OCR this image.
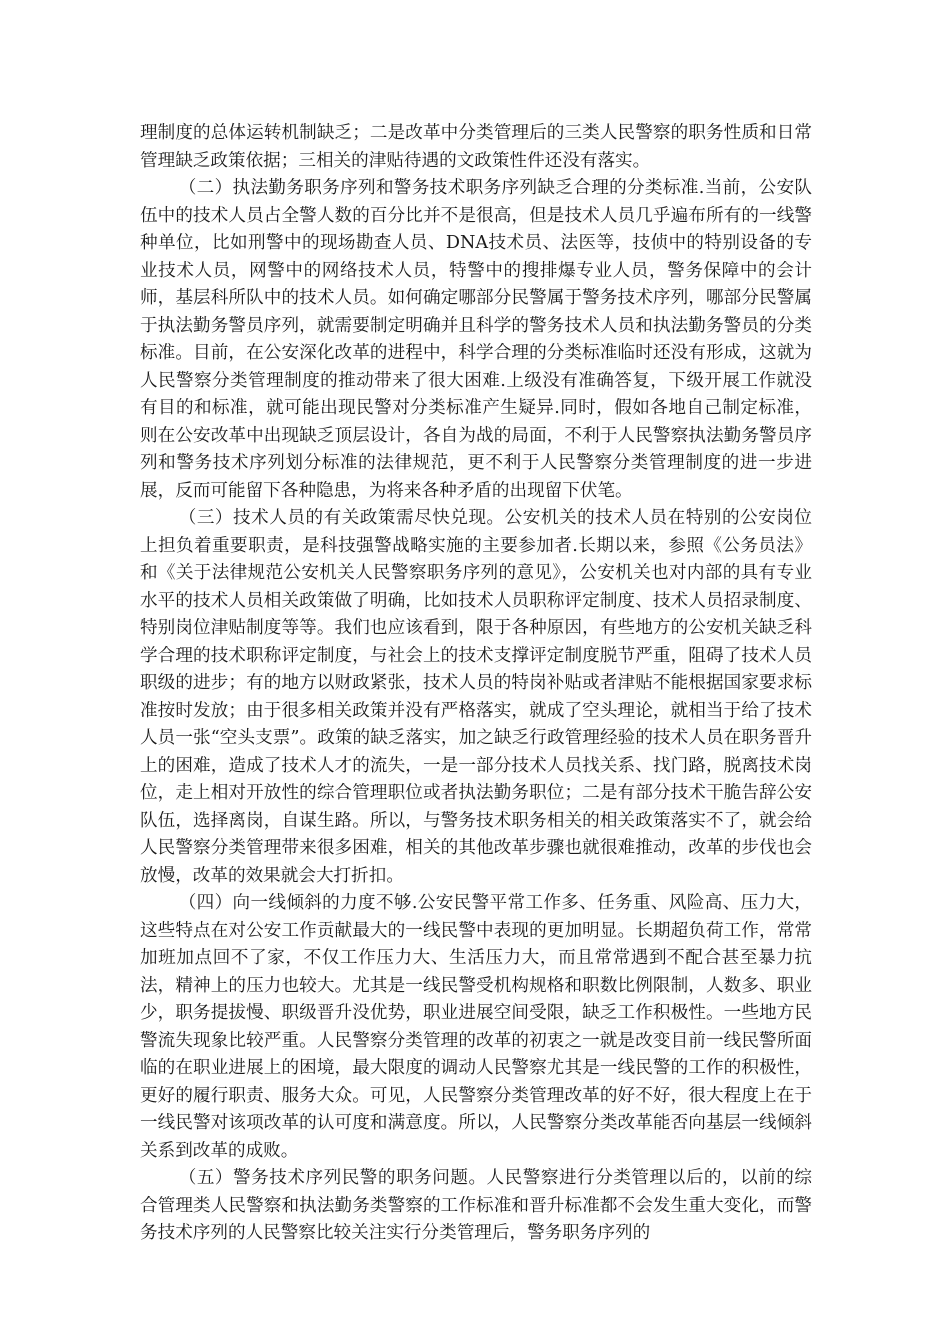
理制度的总体运转机制缺乏；二是改革中分类管理后的三类人民警察的职务性质和日常管理缺乏政策依据；三相关的津贴待遇的文政策性件还没有落实。

（二）执法勤务职务序列和警务技术职务序列缺乏合理的分类标准.当前，公安队伍中的技术人员占全警人数的百分比并不是很高，但是技术人员几乎遍布所有的一线警种单位，比如刑警中的现场勘查人员、DNA技术员、法医等，技侦中的特别设备的专业技术人员，网警中的网络技术人员，特警中的搜排爆专业人员，警务保障中的会计师，基层科所队中的技术人员。如何确定哪部分民警属于警务技术序列，哪部分民警属于执法勤务警员序列，就需要制定明确并且科学的警务技术人员和执法勤务警员的分类标准。目前，在公安深化改革的进程中，科学合理的分类标准临时还没有形成，这就为人民警察分类管理制度的推动带来了很大困难.上级没有准确答复，下级开展工作就没有目的和标准，就可能出现民警对分类标准产生疑异.同时，假如各地自己制定标准，则在公安改革中出现缺乏顶层设计，各自为战的局面，不利于人民警察执法勤务警员序列和警务技术序列划分标准的法律规范，更不利于人民警察分类管理制度的进一步进展，反而可能留下各种隐患，为将来各种矛盾的出现留下伏笔。

（三）技术人员的有关政策需尽快兑现。公安机关的技术人员在特别的公安岗位上担负着重要职责，是科技强警战略实施的主要参加者.长期以来，参照《公务员法》和《关于法律规范公安机关人民警察职务序列的意见》，公安机关也对内部的具有专业水平的技术人员相关政策做了明确，比如技术人员职称评定制度、技术人员招录制度、特别岗位津贴制度等等。我们也应该看到，限于各种原因，有些地方的公安机关缺乏科学合理的技术职称评定制度，与社会上的技术支撑评定制度脱节严重，阻碍了技术人员职级的进步；有的地方以财政紧张，技术人员的特岗补贴或者津贴不能根据国家要求标准按时发放；由于很多相关政策并没有严格落实，就成了空头理论，就相当于给了技术人员一张“空头支票”。政策的缺乏落实，加之缺乏行政管理经验的技术人员在职务晋升上的困难，造成了技术人才的流失，一是一部分技术人员找关系、找门路，脱离技术岗位，走上相对开放性的综合管理职位或者执法勤务职位；二是有部分技术干脆告辞公安队伍，选择离岗，自谋生路。所以，与警务技术职务相关的相关政策落实不了，就会给人民警察分类管理带来很多困难，相关的其他改革步骤也就很难推动，改革的步伐也会放慢，改革的效果就会大打折扣。

（四）向一线倾斜的力度不够.公安民警平常工作多、任务重、风险高、压力大，这些特点在对公安工作贡献最大的一线民警中表现的更加明显。长期超负荷工作，常常加班加点回不了家，不仅工作压力大、生活压力大，而且常常遇到不配合甚至暴力抗法，精神上的压力也较大。尤其是一线民警受机构规格和职数比例限制，人数多、职业少，职务提拔慢、职级晋升没优势，职业进展空间受限，缺乏工作积极性。一些地方民警流失现象比较严重。人民警察分类管理的改革的初衷之一就是改变目前一线民警所面临的在职业进展上的困境，最大限度的调动人民警察尤其是一线民警的工作的积极性，更好的履行职责、服务大众。可见，人民警察分类管理改革的好不好，很大程度上在于一线民警对该项改革的认可度和满意度。所以，人民警察分类改革能否向基层一线倾斜关系到改革的成败。

（五）警务技术序列民警的职务问题。人民警察进行分类管理以后的，以前的综合管理类人民警察和执法勤务类警察的工作标准和晋升标准都不会发生重大变化，而警务技术序列的人民警察比较关注实行分类管理后，警务职务序列的
